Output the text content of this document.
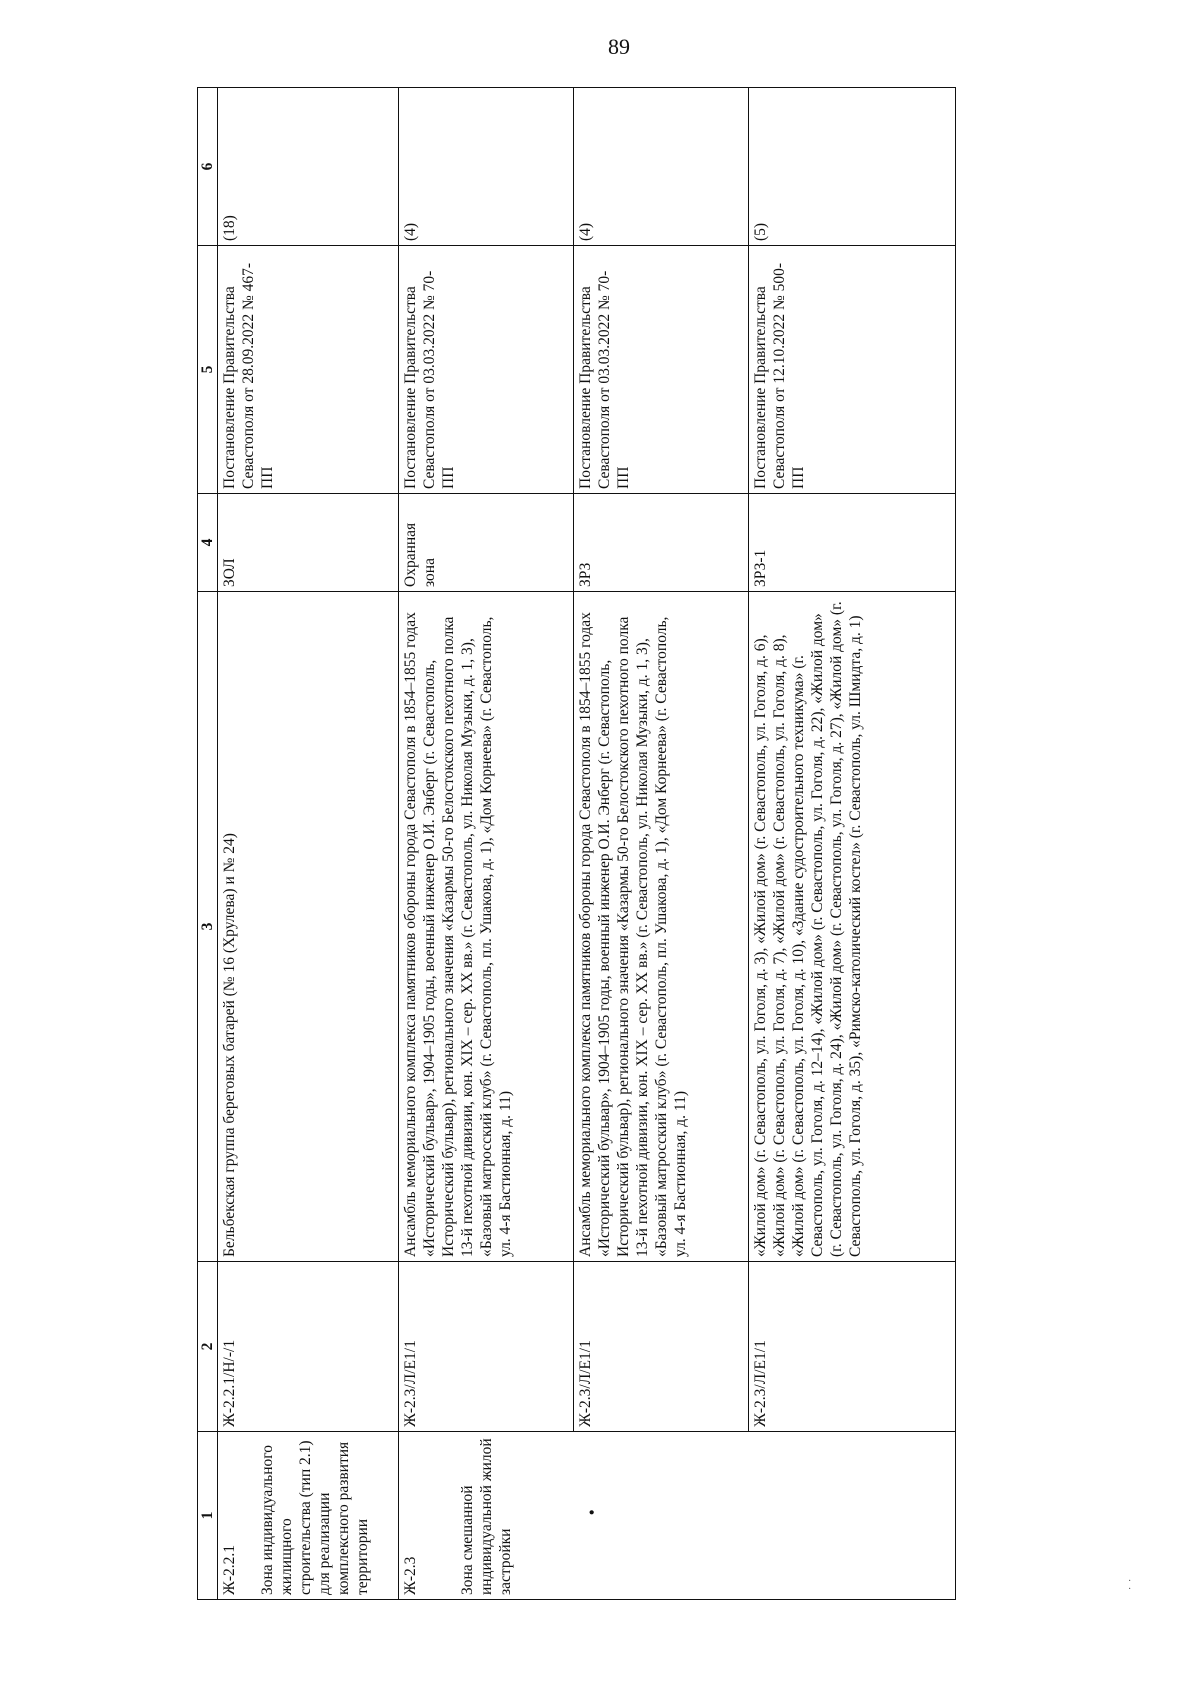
89
1	2	3	4	5	6

Ж-2.2.1 Зона индивидуального жилищного строительства (тип 2.1) для реализации комплексного развития территории	Ж-2.2.1/Н/-/1	Бельбекская группа береговых батарей (№ 16 (Хрулева) и № 24)	ЗОЛ	Постановление Правительства Севастополя от 28.09.2022 № 467-ПП	(18)

Ж-2.3 Зона смешанной индивидуальной жилой застройки	Ж-2.3/Л/Е1/1	Ансамбль мемориального комплекса памятников обороны города Севастополя в 1854–1855 годах «Исторический бульвар», 1904–1905 годы, военный инженер О.И. Энберг (г. Севастополь, Исторический бульвар), регионального значения «Казармы 50-го Белостокского пехотного полка 13-й пехотной дивизии, кон. XIX – сер. XX вв.» (г. Севастополь, ул. Николая Музыки, д. 1, 3), «Базовый матросский клуб» (г. Севастополь, пл. Ушакова, д. 1), «Дом Корнеева» (г. Севастополь, ул. 4-я Бастионная, д. 11)	Охранная зона	Постановление Правительства Севастополя от 03.03.2022 № 70-ПП	(4)

•	Ж-2.3/Л/Е1/1	Ансамбль мемориального комплекса памятников обороны города Севастополя в 1854–1855 годах «Исторический бульвар», 1904–1905 годы, военный инженер О.И. Энберг (г. Севастополь, Исторический бульвар), регионального значения «Казармы 50-го Белостокского пехотного полка 13-й пехотной дивизии, кон. XIX – сер. XX вв.» (г. Севастополь, ул. Николая Музыки, д. 1, 3), «Базовый матросский клуб» (г. Севастополь, пл. Ушакова, д. 1), «Дом Корнеева» (г. Севастополь, ул. 4-я Бастионная, д. 11)	ЗРЗ	Постановление Правительства Севастополя от 03.03.2022 № 70-ПП	(4)
	Ж-2.3/Л/Е1/1	«Жилой дом» (г. Севастополь, ул. Гоголя, д. 3), «Жилой дом» (г. Севастополь, ул. Гоголя, д. 6), «Жилой дом» (г. Севастополь, ул. Гоголя, д. 7), «Жилой дом» (г. Севастополь, ул. Гоголя, д. 8), «Жилой дом» (г. Севастополь, ул. Гоголя, д. 10), «Здание судостроительного техникума» (г. Севастополь, ул. Гоголя, д. 12–14), «Жилой дом» (г. Севастополь, ул. Гоголя, д. 22), «Жилой дом» (г. Севастополь, ул. Гоголя, д. 24), «Жилой дом» (г. Севастополь, ул. Гоголя, д. 27), «Жилой дом» (г. Севастополь, ул. Гоголя, д. 35), «Римско-католический костел» (г. Севастополь, ул. Шмидта, д. 1)	ЗРЗ-1	Постановление Правительства Севастополя от 12.10.2022 № 500-ПП	(5)
·
·
